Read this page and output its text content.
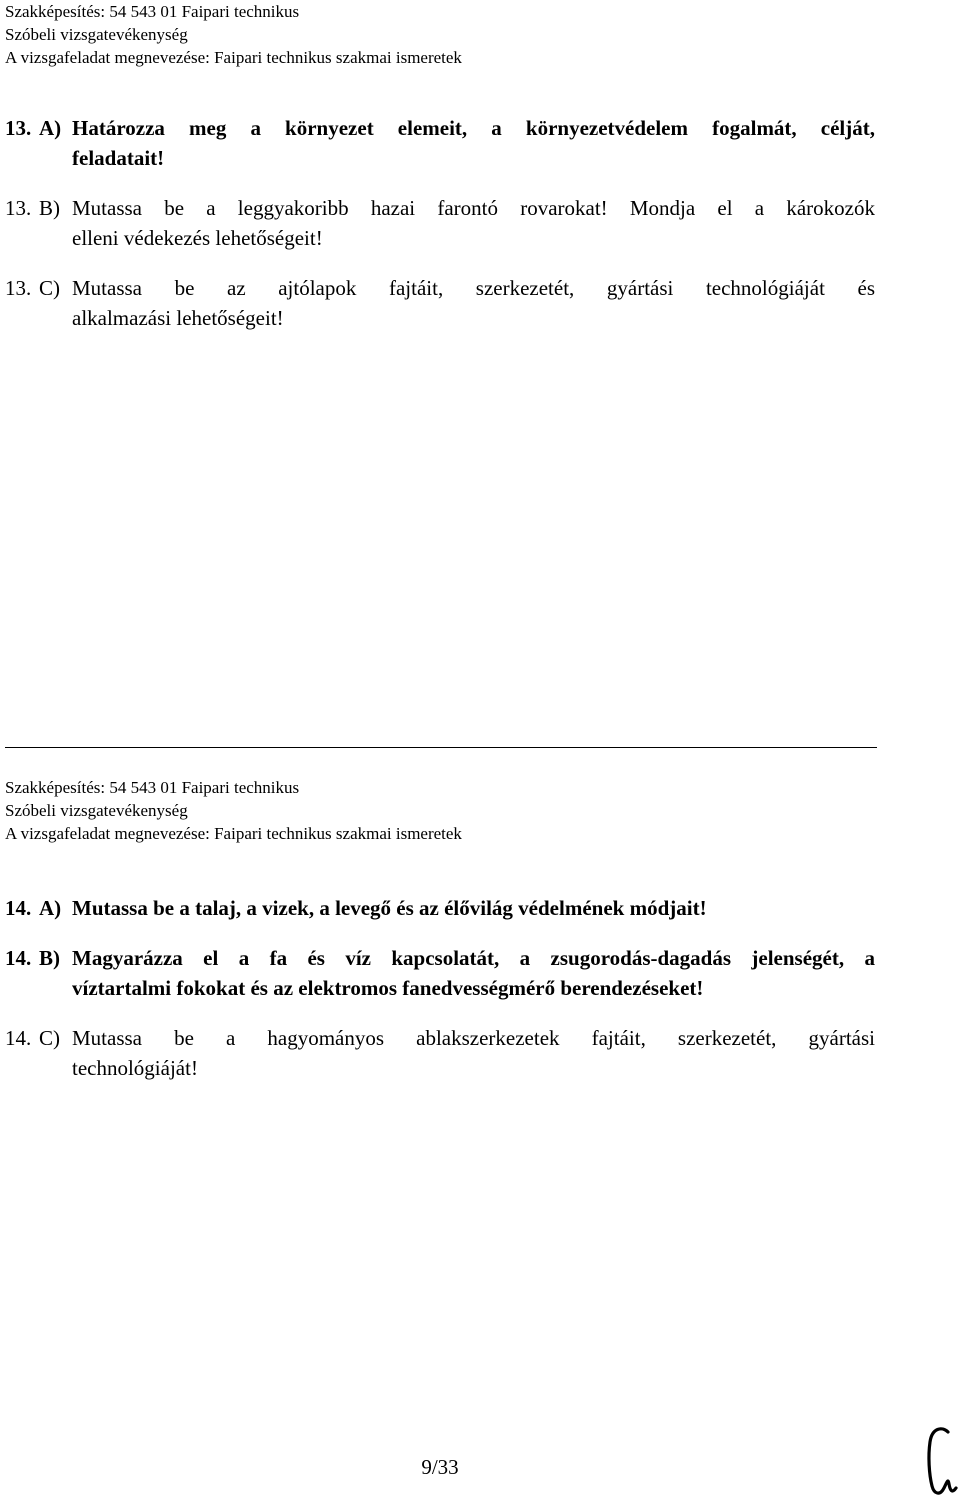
Szakképesítés: 54 543 01 Faipari technikus
Szóbeli vizsgatevékenység
A vizsgafeladat megnevezése: Faipari technikus szakmai ismeretek
13. A) Határozza meg a környezet elemeit, a környezetvédelem fogalmát, célját,
feladatait!
13. B) Mutassa be a leggyakoribb hazai farontó rovarokat! Mondja el a károkozók
elleni védekezés lehetőségeit!
13. C) Mutassa be az ajtólapok fajtáit, szerkezetét, gyártási technológiáját és
alkalmazási lehetőségeit!
Szakképesítés: 54 543 01 Faipari technikus
Szóbeli vizsgatevékenység
A vizsgafeladat megnevezése: Faipari technikus szakmai ismeretek
14. A) Mutassa be a talaj, a vizek, a levegő és az élővilág védelmének módjait!
14. B) Magyarázza el a fa és víz kapcsolatát, a zsugorodás-dagadás jelenségét, a
víztartalmi fokokat és az elektromos fanedvességmérő berendezéseket!
14. C) Mutassa be a hagyományos ablakszerkezetek fajtáit, szerkezetét, gyártási
technológiáját!
9/33
